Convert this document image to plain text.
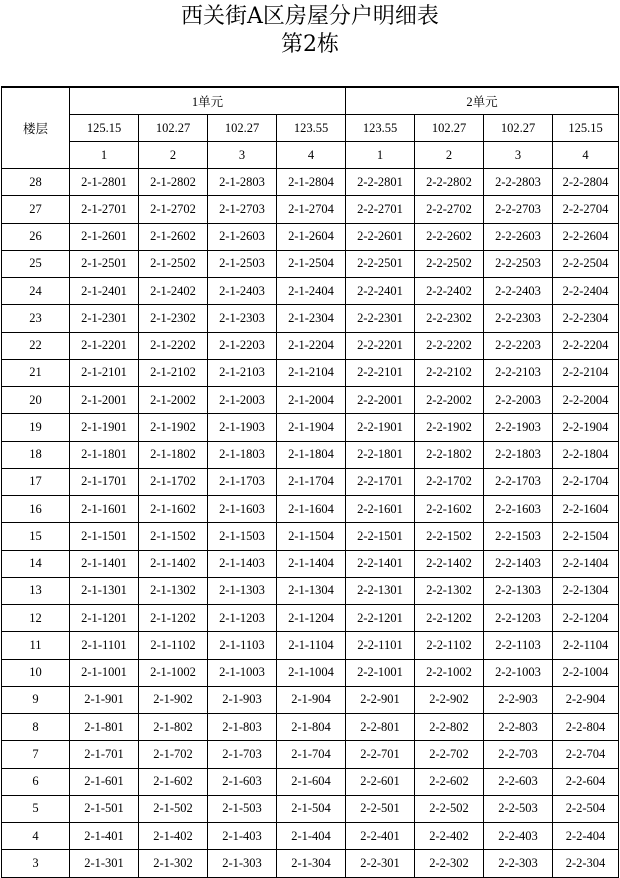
西关街A区房屋分户明细表
第2栋
楼层	1单元				2单元			
	125.15	102.27	102.27	123.55	123.55	102.27	102.27	125.15
	1	2	3	4	1	2	3	4
28	2-1-2801	2-1-2802	2-1-2803	2-1-2804	2-2-2801	2-2-2802	2-2-2803	2-2-2804
27	2-1-2701	2-1-2702	2-1-2703	2-1-2704	2-2-2701	2-2-2702	2-2-2703	2-2-2704
26	2-1-2601	2-1-2602	2-1-2603	2-1-2604	2-2-2601	2-2-2602	2-2-2603	2-2-2604
25	2-1-2501	2-1-2502	2-1-2503	2-1-2504	2-2-2501	2-2-2502	2-2-2503	2-2-2504
24	2-1-2401	2-1-2402	2-1-2403	2-1-2404	2-2-2401	2-2-2402	2-2-2403	2-2-2404
23	2-1-2301	2-1-2302	2-1-2303	2-1-2304	2-2-2301	2-2-2302	2-2-2303	2-2-2304
22	2-1-2201	2-1-2202	2-1-2203	2-1-2204	2-2-2201	2-2-2202	2-2-2203	2-2-2204
21	2-1-2101	2-1-2102	2-1-2103	2-1-2104	2-2-2101	2-2-2102	2-2-2103	2-2-2104
20	2-1-2001	2-1-2002	2-1-2003	2-1-2004	2-2-2001	2-2-2002	2-2-2003	2-2-2004
19	2-1-1901	2-1-1902	2-1-1903	2-1-1904	2-2-1901	2-2-1902	2-2-1903	2-2-1904
18	2-1-1801	2-1-1802	2-1-1803	2-1-1804	2-2-1801	2-2-1802	2-2-1803	2-2-1804
17	2-1-1701	2-1-1702	2-1-1703	2-1-1704	2-2-1701	2-2-1702	2-2-1703	2-2-1704
16	2-1-1601	2-1-1602	2-1-1603	2-1-1604	2-2-1601	2-2-1602	2-2-1603	2-2-1604
15	2-1-1501	2-1-1502	2-1-1503	2-1-1504	2-2-1501	2-2-1502	2-2-1503	2-2-1504
14	2-1-1401	2-1-1402	2-1-1403	2-1-1404	2-2-1401	2-2-1402	2-2-1403	2-2-1404
13	2-1-1301	2-1-1302	2-1-1303	2-1-1304	2-2-1301	2-2-1302	2-2-1303	2-2-1304
12	2-1-1201	2-1-1202	2-1-1203	2-1-1204	2-2-1201	2-2-1202	2-2-1203	2-2-1204
11	2-1-1101	2-1-1102	2-1-1103	2-1-1104	2-2-1101	2-2-1102	2-2-1103	2-2-1104
10	2-1-1001	2-1-1002	2-1-1003	2-1-1004	2-2-1001	2-2-1002	2-2-1003	2-2-1004
9	2-1-901	2-1-902	2-1-903	2-1-904	2-2-901	2-2-902	2-2-903	2-2-904
8	2-1-801	2-1-802	2-1-803	2-1-804	2-2-801	2-2-802	2-2-803	2-2-804
7	2-1-701	2-1-702	2-1-703	2-1-704	2-2-701	2-2-702	2-2-703	2-2-704
6	2-1-601	2-1-602	2-1-603	2-1-604	2-2-601	2-2-602	2-2-603	2-2-604
5	2-1-501	2-1-502	2-1-503	2-1-504	2-2-501	2-2-502	2-2-503	2-2-504
4	2-1-401	2-1-402	2-1-403	2-1-404	2-2-401	2-2-402	2-2-403	2-2-404
3	2-1-301	2-1-302	2-1-303	2-1-304	2-2-301	2-2-302	2-2-303	2-2-304
